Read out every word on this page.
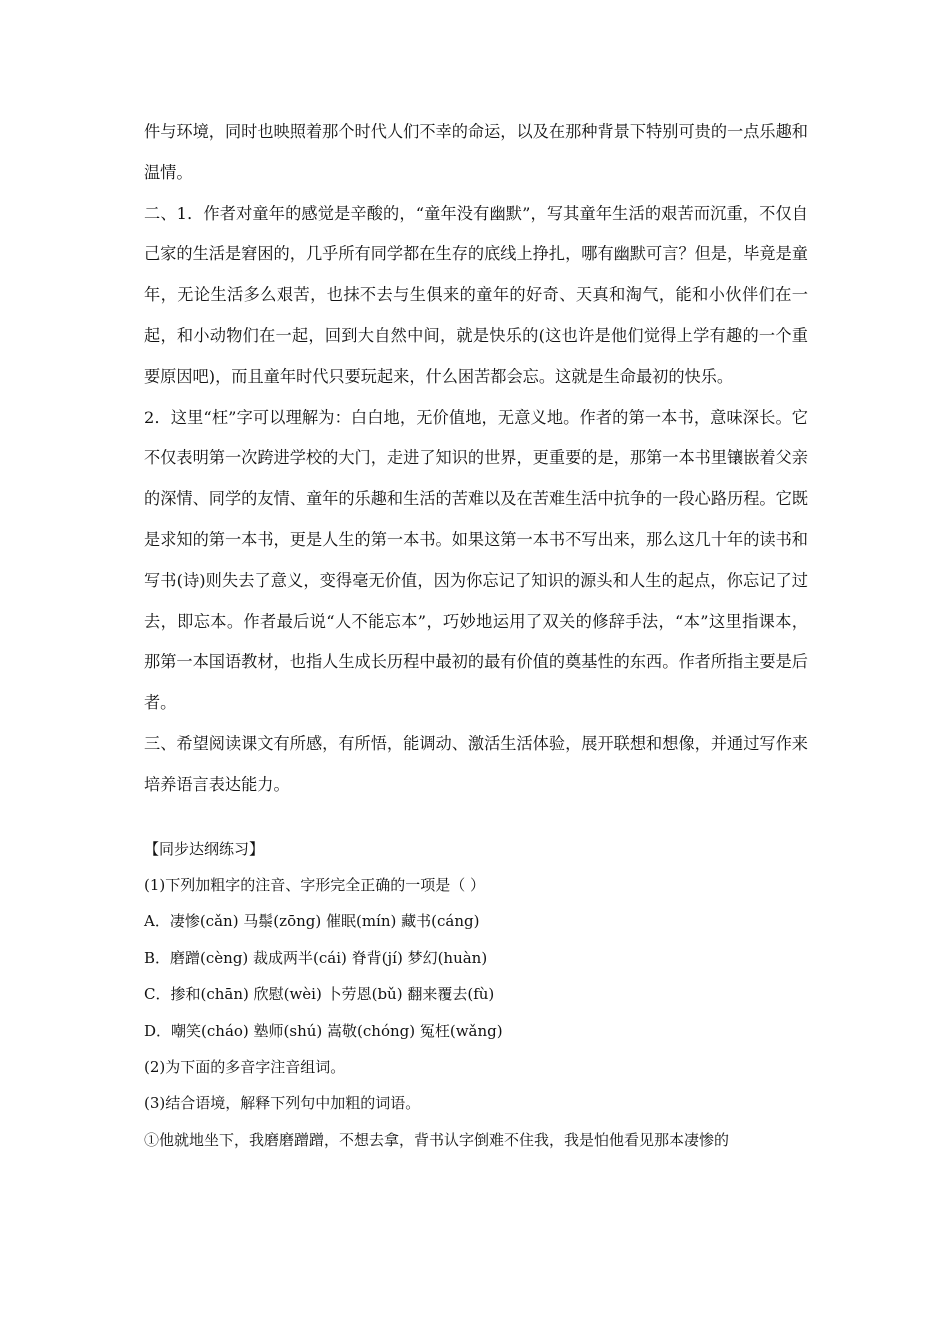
件与环境，同时也映照着那个时代人们不幸的命运，以及在那种背景下特别可贵的一点乐趣和温情。

二、1．作者对童年的感觉是辛酸的，“童年没有幽默”，写其童年生活的艰苦而沉重，不仅自己家的生活是窘困的，几乎所有同学都在生存的底线上挣扎，哪有幽默可言？但是，毕竟是童年，无论生活多么艰苦，也抹不去与生俱来的童年的好奇、天真和淘气，能和小伙伴们在一起，和小动物们在一起，回到大自然中间，就是快乐的(这也许是他们觉得上学有趣的一个重要原因吧)，而且童年时代只要玩起来，什么困苦都会忘。这就是生命最初的快乐。

2．这里“枉”字可以理解为：白白地，无价值地，无意义地。作者的第一本书，意味深长。它不仅表明第一次跨进学校的大门，走进了知识的世界，更重要的是，那第一本书里镶嵌着父亲的深情、同学的友情、童年的乐趣和生活的苦难以及在苦难生活中抗争的一段心路历程。它既是求知的第一本书，更是人生的第一本书。如果这第一本书不写出来，那么这几十年的读书和写书(诗)则失去了意义，变得毫无价值，因为你忘记了知识的源头和人生的起点，你忘记了过去，即忘本。作者最后说“人不能忘本”，巧妙地运用了双关的修辞手法，“本”这里指课本，那第一本国语教材，也指人生成长历程中最初的最有价值的奠基性的东西。作者所指主要是后者。

三、希望阅读课文有所感，有所悟，能调动、激活生活体验，展开联想和想像，并通过写作来培养语言表达能力。

【同步达纲练习】

(1)下列加粗字的注音、字形完全正确的一项是（ ）

A．凄惨(cǎn) 马鬃(zōng) 催眠(mín) 藏书(cáng)

B．磨蹭(cèng) 裁成两半(cái) 脊背(jí) 梦幻(huàn)

C．掺和(chān) 欣慰(wèi) 卜劳恩(bǔ) 翻来覆去(fù)

D．嘲笑(cháo) 塾师(shú) 嵩敬(chóng) 冤枉(wǎng)

(2)为下面的多音字注音组词。

(3)结合语境，解释下列句中加粗的词语。

①他就地坐下，我磨磨蹭蹭，不想去拿，背书认字倒难不住我，我是怕他看见那本凄惨的
